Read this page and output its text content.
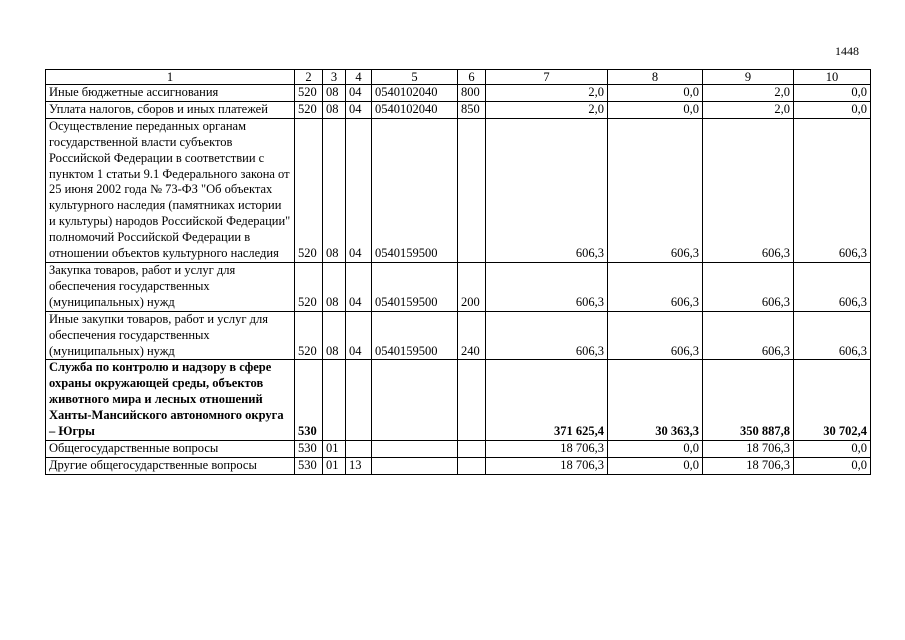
1448
1	2	3	4	5	6	7	8	9	10
Иные бюджетные ассигнования	520	08	04	0540102040	800	2,0	0,0	2,0	0,0
Уплата налогов, сборов и иных платежей	520	08	04	0540102040	850	2,0	0,0	2,0	0,0
Осуществление переданных органам государственной власти субъектов Российской Федерации в соответствии с пунктом 1 статьи 9.1 Федерального закона от 25 июня 2002 года № 73-ФЗ "Об объектах культурного наследия (памятниках истории и культуры) народов Российской Федерации" полномочий Российской Федерации в отношении объектов культурного наследия	520	08	04	0540159500		606,3	606,3	606,3	606,3
Закупка товаров, работ и услуг для обеспечения государственных (муниципальных) нужд	520	08	04	0540159500	200	606,3	606,3	606,3	606,3
Иные закупки товаров, работ и услуг для обеспечения государственных (муниципальных) нужд	520	08	04	0540159500	240	606,3	606,3	606,3	606,3
Служба по контролю и надзору в сфере охраны окружающей среды, объектов животного мира и лесных отношений Ханты-Мансийского автономного округа – Югры	530					371 625,4	30 363,3	350 887,8	30 702,4
Общегосударственные вопросы	530	01				18 706,3	0,0	18 706,3	0,0
Другие общегосударственные вопросы	530	01	13			18 706,3	0,0	18 706,3	0,0
